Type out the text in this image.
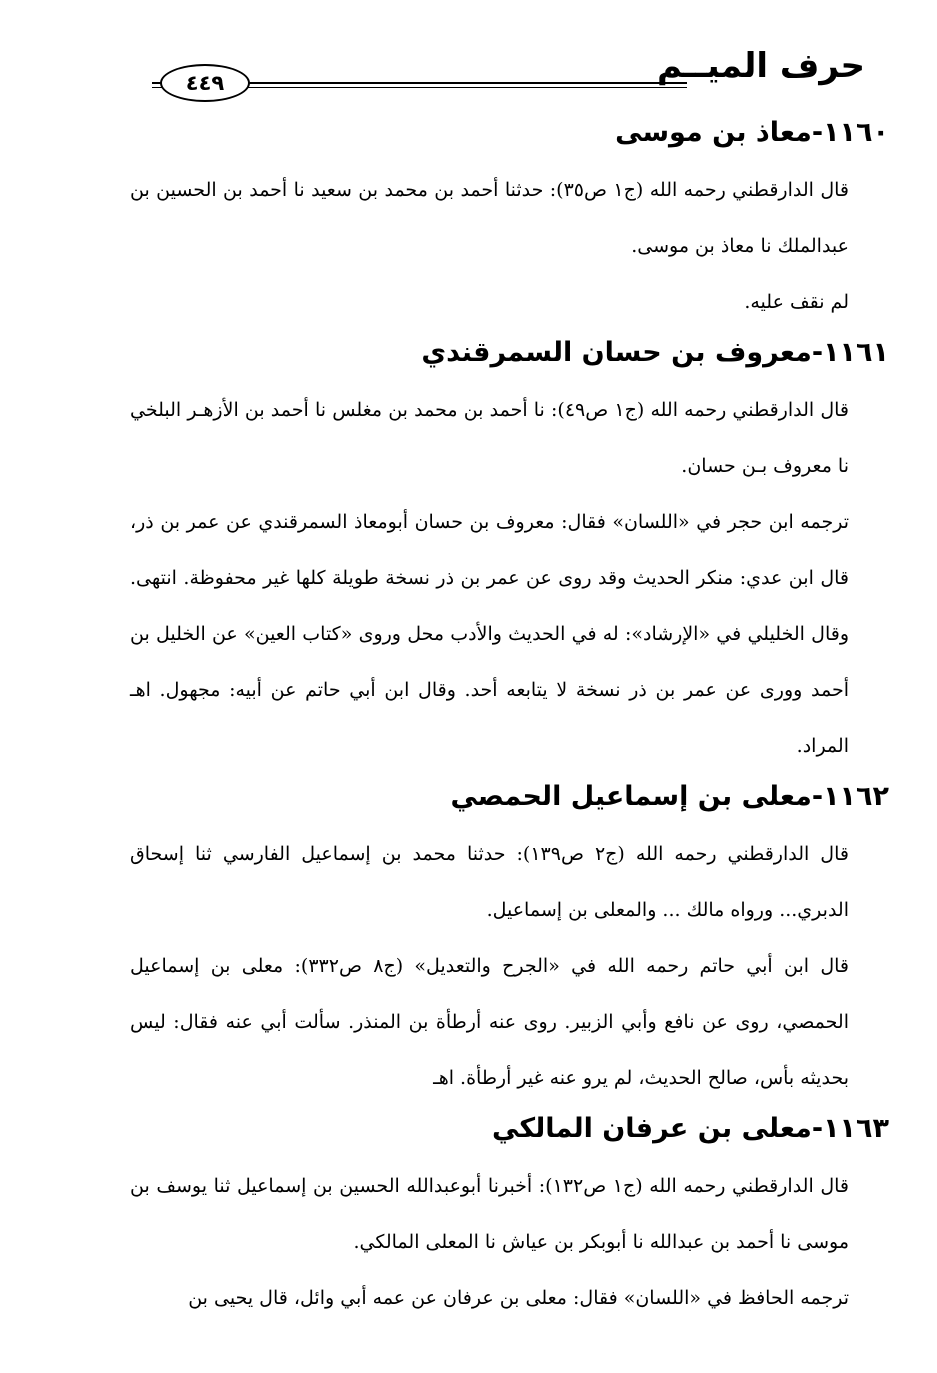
حرف الميــم
٤٤٩
١١٦٠-معاذ بن موسى

قال الدارقطني رحمه الله (ج١ ص٣٥): حدثنا أحمد بن محمد بن سعيد نا أحمد بن الحسين بن عبدالملك نا معاذ بن موسى.

لم نقف عليه.

١١٦١-معروف بن حسان السمرقندي

قال الدارقطني رحمه الله (ج١ ص٤٩): نا أحمد بن محمد بن مغلس نا أحمد بن الأزهـر البلخي نا معروف بـن حسان.

ترجمه ابن حجر في «اللسان» فقال: معروف بن حسان أبومعاذ السمرقندي عن عمر بن ذر، قال ابن عدي: منكر الحديث وقد روى عن عمر بن ذر نسخة طويلة كلها غير محفوظة. انتهى. وقال الخليلي في «الإرشاد»: له في الحديث والأدب محل وروى «كتاب العين» عن الخليل بن أحمد وورى عن عمر بن ذر نسخة لا يتابعه أحد. وقال ابن أبي حاتم عن أبيه: مجهول. اهـ المراد.

١١٦٢-معلى بن إسماعيل الحمصي

قال الدارقطني رحمه الله (ج٢ ص١٣٩): حدثنا محمد بن إسماعيل الفارسي ثنا إسحاق الدبري... ورواه مالك ... والمعلى بن إسماعيل.

قال ابن أبي حاتم رحمه الله في «الجرح والتعديل» (ج٨ ص٣٣٢): معلى بن إسماعيل الحمصي، روى عن نافع وأبي الزبير. روى عنه أرطأة بن المنذر. سألت أبي عنه فقال: ليس بحديثه بأس، صالح الحديث، لم يرو عنه غير أرطأة. اهـ

١١٦٣-معلى بن عرفان المالكي

قال الدارقطني رحمه الله (ج١ ص١٣٢): أخبرنا أبوعبدالله الحسين بن إسماعيل ثنا يوسف بن موسى نا أحمد بن عبدالله نا أبوبكر بن عياش نا المعلى المالكي.

ترجمه الحافظ في «اللسان» فقال: معلى بن عرفان عن عمه أبي وائل، قال يحيى بن
